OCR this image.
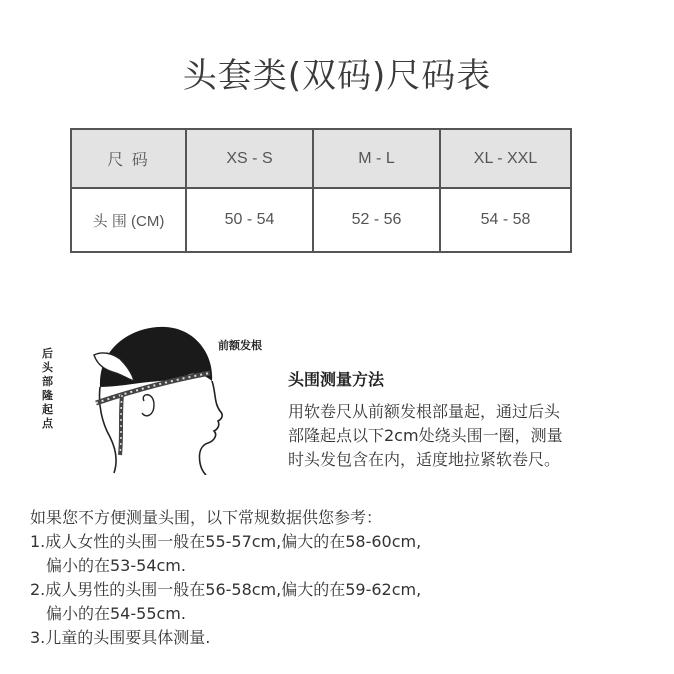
头套类(双码)尺码表
尺 码	XS - S	M - L	XL - XXL
头 围 (CM)	50 - 54	52 - 56	54 - 58
后 头 部 隆 起 点
前额发根
头围测量方法
用软卷尺从前额发根部量起，通过后头
部隆起点以下2cm处绕头围一圈，测量
时头发包含在内，适度地拉紧软卷尺。
如果您不方便测量头围，以下常规数据供您参考：
1.成人女性的头围一般在55-57cm,偏大的在58-60cm,
偏小的在53-54cm.
2.成人男性的头围一般在56-58cm,偏大的在59-62cm,
偏小的在54-55cm.
3.儿童的头围要具体测量.
